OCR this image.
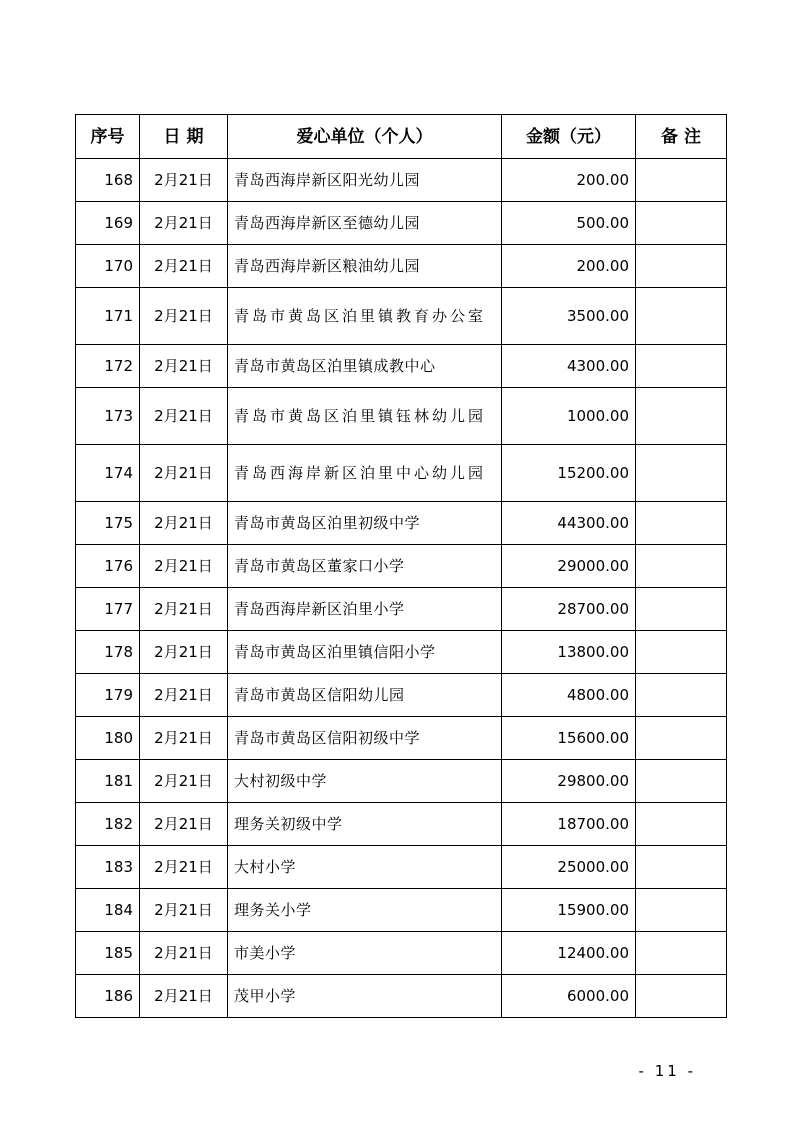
序号	日 期	爱心单位（个人）	金额（元）	备 注
168	2月21日	青岛西海岸新区阳光幼儿园	200.00	
169	2月21日	青岛西海岸新区至德幼儿园	500.00	
170	2月21日	青岛西海岸新区粮油幼儿园	200.00	
171	2月21日	青岛市黄岛区泊里镇教育办公室	3500.00	
172	2月21日	青岛市黄岛区泊里镇成教中心	4300.00	
173	2月21日	青岛市黄岛区泊里镇钰林幼儿园	1000.00	
174	2月21日	青岛西海岸新区泊里中心幼儿园	15200.00	
175	2月21日	青岛市黄岛区泊里初级中学	44300.00	
176	2月21日	青岛市黄岛区董家口小学	29000.00	
177	2月21日	青岛西海岸新区泊里小学	28700.00	
178	2月21日	青岛市黄岛区泊里镇信阳小学	13800.00	
179	2月21日	青岛市黄岛区信阳幼儿园	4800.00	
180	2月21日	青岛市黄岛区信阳初级中学	15600.00	
181	2月21日	大村初级中学	29800.00	
182	2月21日	理务关初级中学	18700.00	
183	2月21日	大村小学	25000.00	
184	2月21日	理务关小学	15900.00	
185	2月21日	市美小学	12400.00	
186	2月21日	茂甲小学	6000.00	
- 11 -
